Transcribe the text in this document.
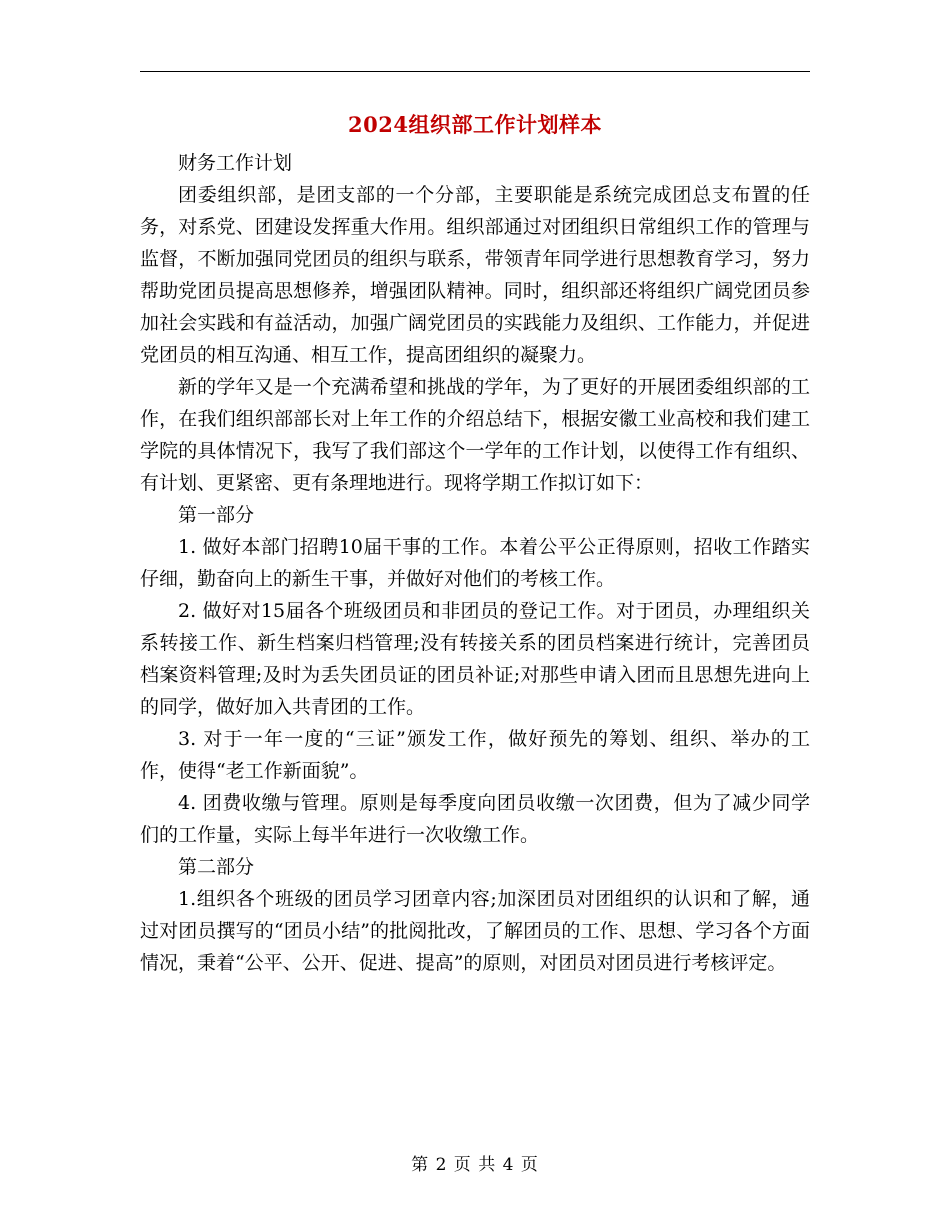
2024组织部工作计划样本

财务工作计划

团委组织部，是团支部的一个分部，主要职能是系统完成团总支布置的任务，对系党、团建设发挥重大作用。组织部通过对团组织日常组织工作的管理与监督，不断加强同党团员的组织与联系，带领青年同学进行思想教育学习，努力帮助党团员提高思想修养，增强团队精神。同时，组织部还将组织广阔党团员参加社会实践和有益活动，加强广阔党团员的实践能力及组织、工作能力，并促进党团员的相互沟通、相互工作，提高团组织的凝聚力。

新的学年又是一个充满希望和挑战的学年，为了更好的开展团委组织部的工作，在我们组织部部长对上年工作的介绍总结下，根据安徽工业高校和我们建工学院的具体情况下，我写了我们部这个一学年的工作计划，以使得工作有组织、有计划、更紧密、更有条理地进行。现将学期工作拟订如下：

第一部分

1. 做好本部门招聘10届干事的工作。本着公平公正得原则，招收工作踏实仔细，勤奋向上的新生干事，并做好对他们的考核工作。

2. 做好对15届各个班级团员和非团员的登记工作。对于团员，办理组织关系转接工作、新生档案归档管理;没有转接关系的团员档案进行统计，完善团员档案资料管理;及时为丢失团员证的团员补证;对那些申请入团而且思想先进向上的同学，做好加入共青团的工作。

3. 对于一年一度的“三证”颁发工作，做好预先的筹划、组织、举办的工作，使得“老工作新面貌”。

4. 团费收缴与管理。原则是每季度向团员收缴一次团费，但为了减少同学们的工作量，实际上每半年进行一次收缴工作。

第二部分

1.组织各个班级的团员学习团章内容;加深团员对团组织的认识和了解，通过对团员撰写的“团员小结”的批阅批改，了解团员的工作、思想、学习各个方面情况，秉着“公平、公开、促进、提高”的原则，对团员对团员进行考核评定。

第 2 页 共 4 页
